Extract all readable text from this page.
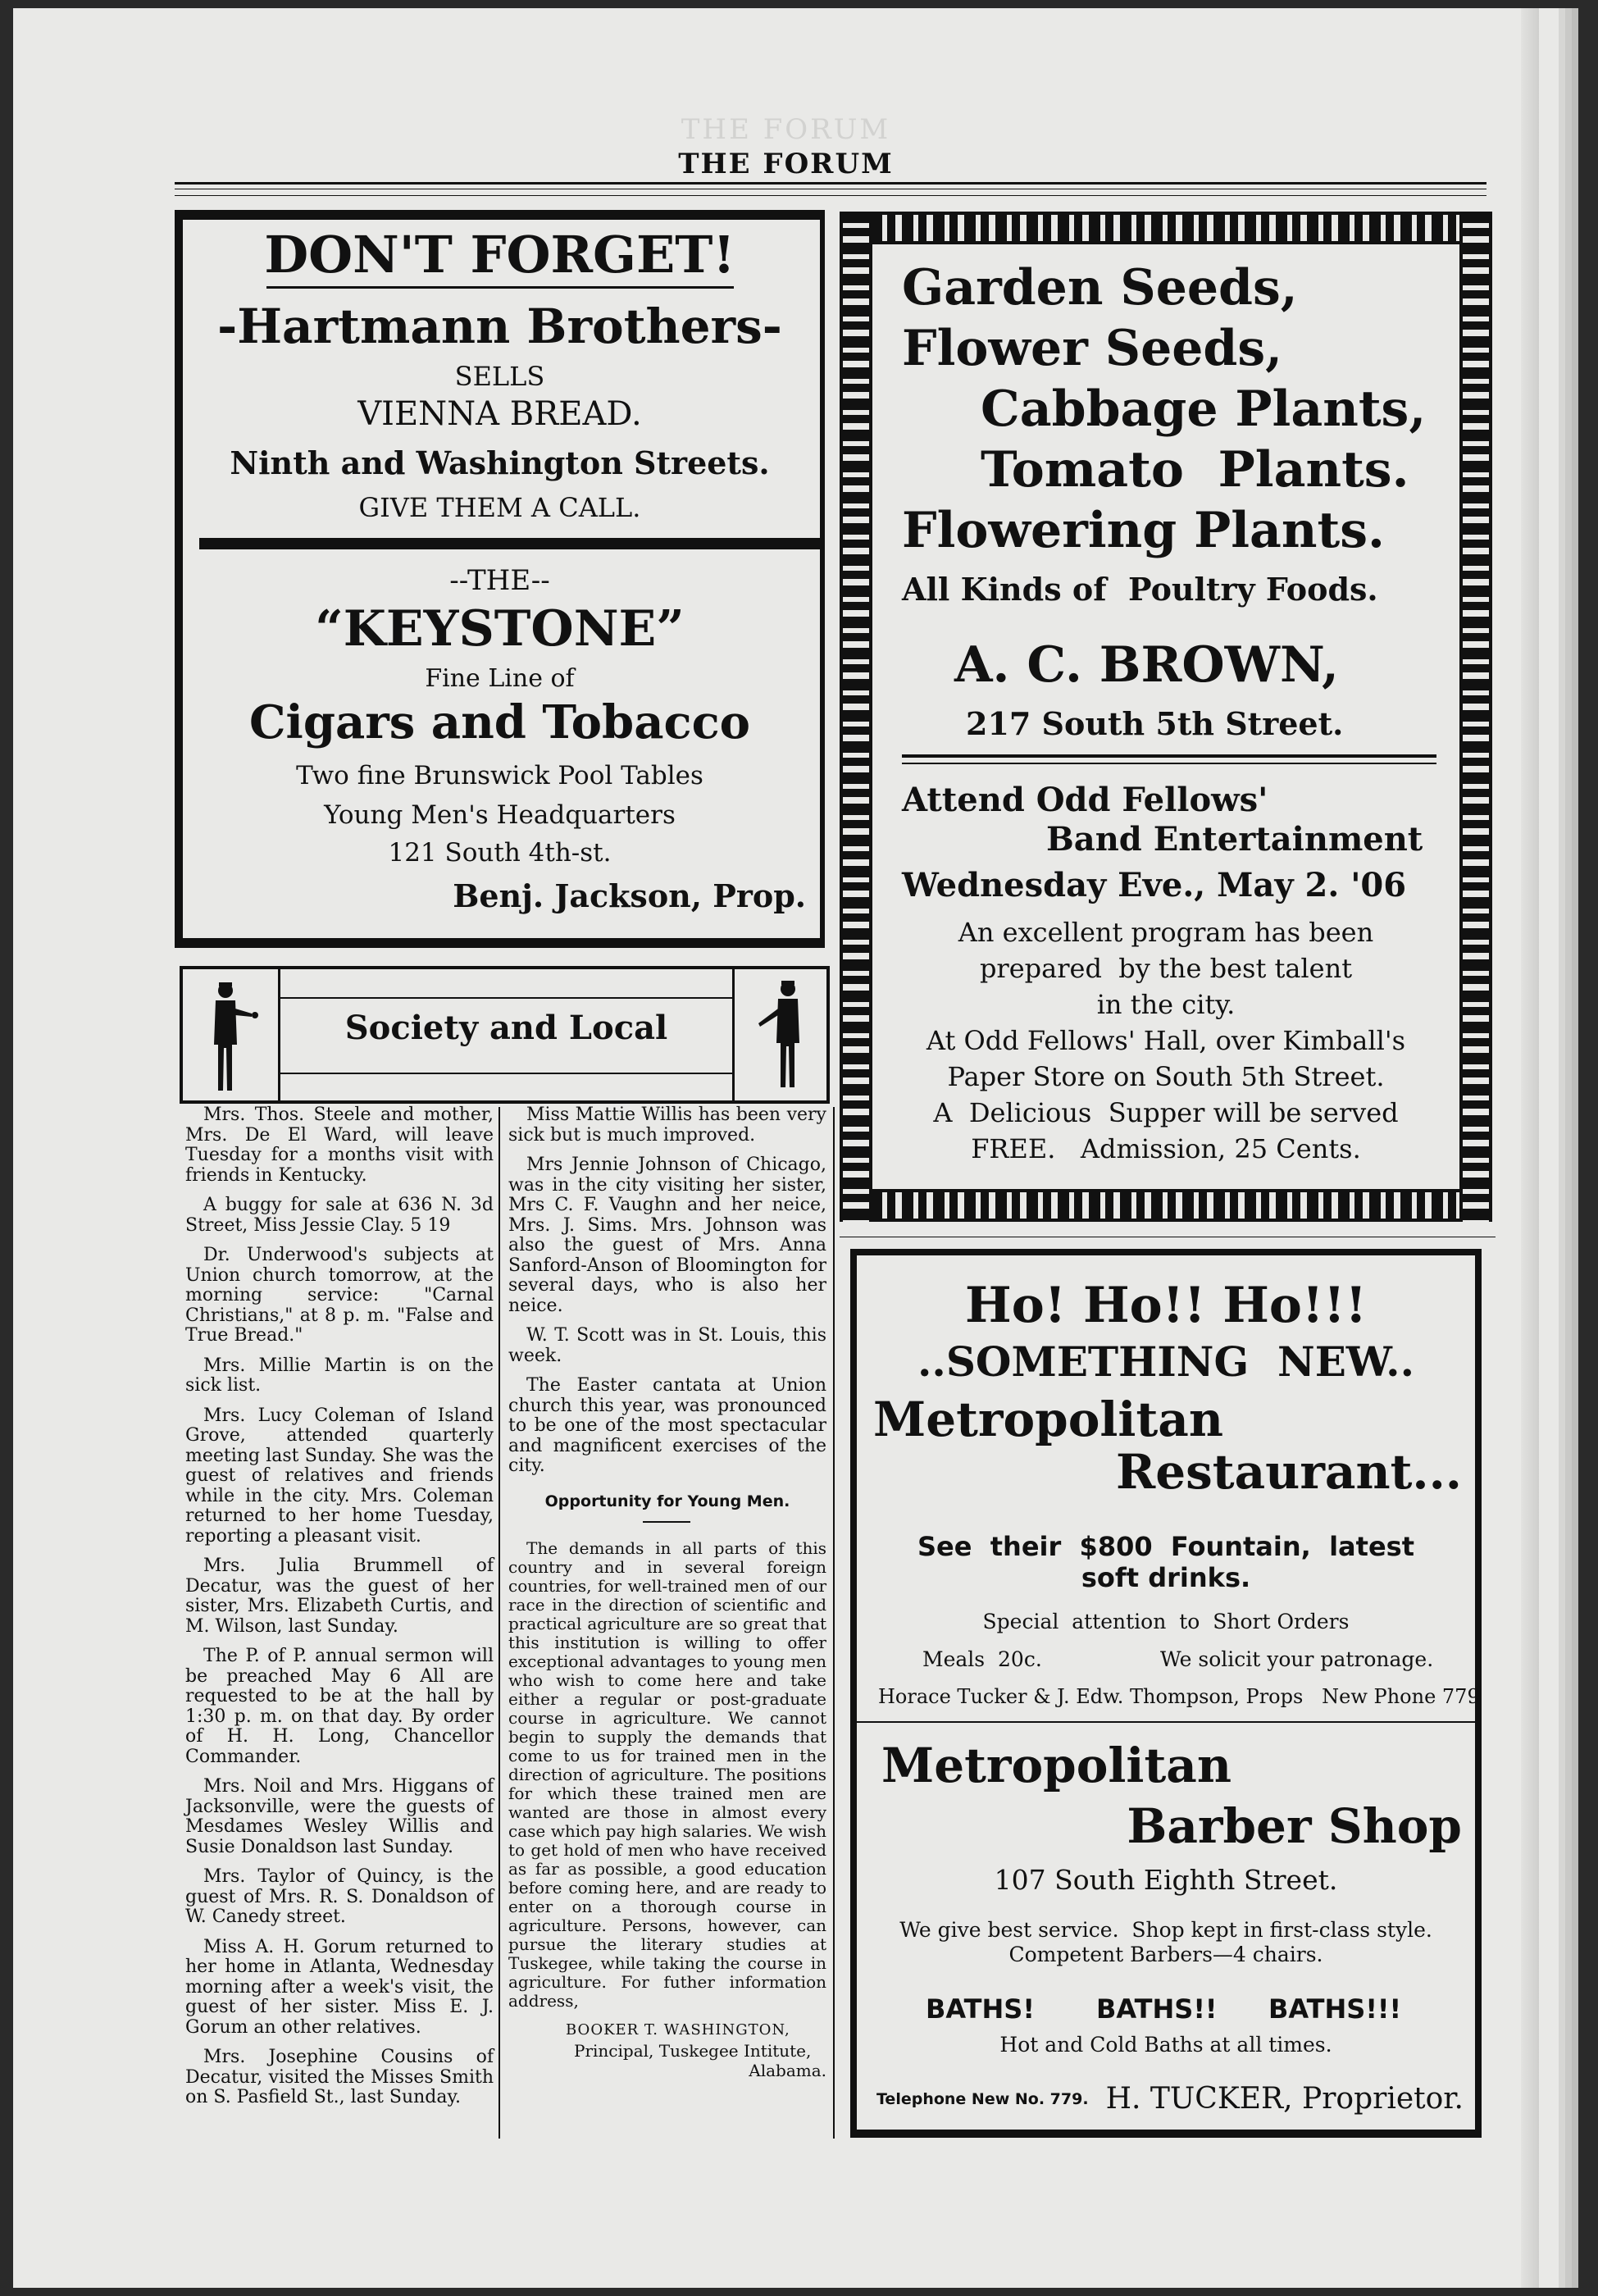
THE FORUM
THE FORUM
DON'T FORGET!
-Hartmann Brothers-
SELLS
VIENNA BREAD.
Ninth and Washington Streets.
GIVE THEM A CALL.
--THE--
“KEYSTONE”
Fine Line of
Cigars and Tobacco
Two fine Brunswick Pool Tables
Young Men's Headquarters
121 South 4th-st.
Benj. Jackson, Prop.
Garden Seeds,
Flower Seeds,
Cabbage Plants,
Tomato  Plants.
Flowering Plants.
All Kinds of  Poultry Foods.
A. C. BROWN,
217 South 5th Street.
Attend Odd Fellows'
Band Entertainment
Wednesday Eve., May 2. '06
An excellent program has been
prepared  by the best talent
in the city.
At Odd Fellows' Hall, over Kimball's
Paper Store on South 5th Street.
A  Delicious  Supper will be served
FREE.   Admission, 25 Cents.
Society and Local

Mrs. Thos. Steele and mother, Mrs. De El Ward, will leave Tuesday for a months visit with friends in Kentucky.

A buggy for sale at 636 N. 3d Street, Miss Jessie Clay. 5 19

Dr. Underwood's subjects at Union church tomorrow, at the morning service: "Carnal Christians," at 8 p. m. "False and True Bread."

Mrs. Millie Martin is on the sick list.

Mrs. Lucy Coleman of Island Grove, attended quarterly meeting last Sunday. She was the guest of relatives and friends while in the city. Mrs. Coleman returned to her home Tuesday, reporting a pleasant visit.

Mrs. Julia Brummell of Decatur, was the guest of her sister, Mrs. Elizabeth Curtis, and M. Wilson, last Sunday.

The P. of P. annual sermon will be preached May 6 All are requested to be at the hall by 1:30 p. m. on that day. By order of H. H. Long, Chancellor Commander.

Mrs. Noil and Mrs. Higgans of Jacksonville, were the guests of Mesdames Wesley Willis and Susie Donaldson last Sunday.

Mrs. Taylor of Quincy, is the guest of Mrs. R. S. Donaldson of W. Canedy street.

Miss A. H. Gorum returned to her home in Atlanta, Wednesday morning after a week's visit, the guest of her sister. Miss E. J. Gorum an other relatives.

Mrs. Josephine Cousins of Decatur, visited the Misses Smith on S. Pasfield St., last Sunday.

Miss Mattie Willis has been very sick but is much improved.

Mrs Jennie Johnson of Chicago, was in the city visiting her sister, Mrs C. F. Vaughn and her neice, Mrs. J. Sims. Mrs. Johnson was also the guest of Mrs. Anna Sanford-Anson of Bloomington for several days, who is also her neice.

W. T. Scott was in St. Louis, this week.

The Easter cantata at Union church this year, was pronounced to be one of the most spectacular and magnificent exercises of the city.

Opportunity for Young Men.

The demands in all parts of this country and in several foreign countries, for well-trained men of our race in the direction of scientific and practical agriculture are so great that this institution is willing to offer exceptional advantages to young men who wish to come here and take either a regular or post-graduate course in agriculture. We cannot begin to supply the demands that come to us for trained men in the direction of agriculture. The positions for which these trained men are wanted are those in almost every case which pay high salaries. We wish to get hold of men who have received as far as possible, a good education before coming here, and are ready to enter on a thorough course in agriculture. Persons, however, can pursue the literary studies at Tuskegee, while taking the course in agriculture. For futher information address,

BOOKER T. WASHINGTON,
Principal, Tuskegee Intitute,
Alabama.
Ho! Ho!! Ho!!!
..SOMETHING  NEW..
Metropolitan
Restaurant...
See  their  $800  Fountain,  latest
soft drinks.
Special  attention  to  Short Orders
Meals  20c.	We solicit your patronage.
Horace Tucker & J. Edw. Thompson, Props   New Phone 779
Metropolitan
Barber Shop
107 South Eighth Street.
We give best service.  Shop kept in first-class style.
Competent Barbers—4 chairs.
BATHS! BATHS!! BATHS!!!
Hot and Cold Baths at all times.
Telephone New No. 779. H. TUCKER, Proprietor.
